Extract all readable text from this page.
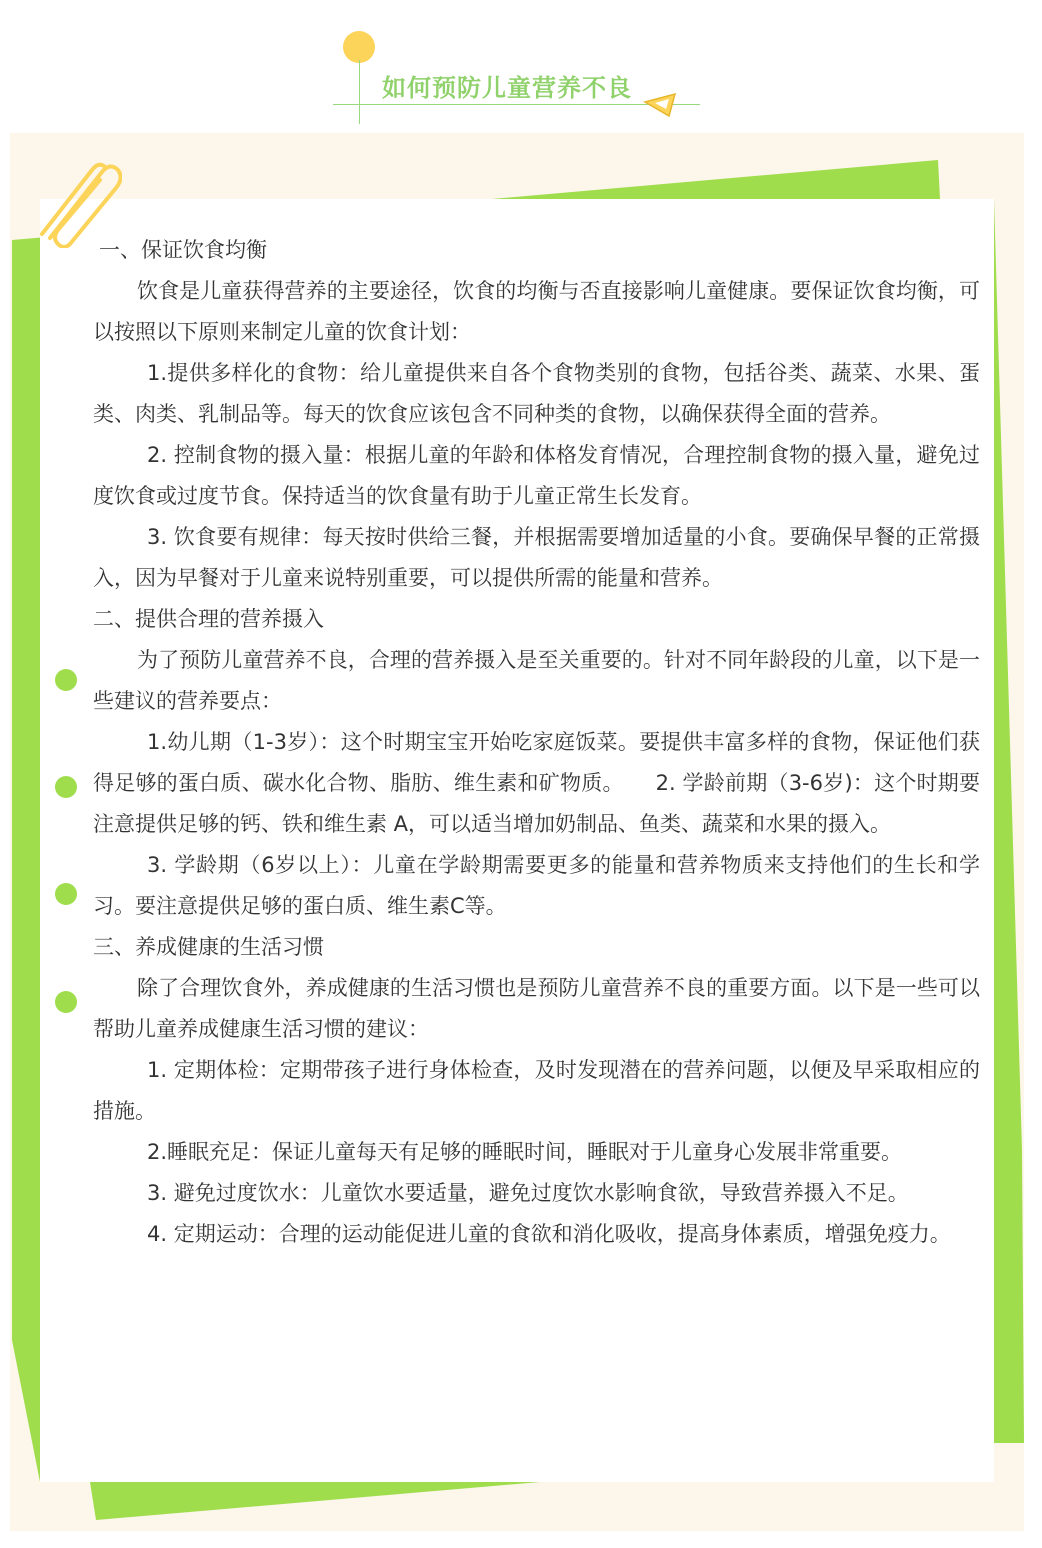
如何预防儿童营养不良

一、保证饮食均衡

饮食是儿童获得营养的主要途径，饮食的均衡与否直接影响儿童健康。要保证饮食均衡，可以按照以下原则来制定儿童的饮食计划：

1.提供多样化的食物：给儿童提供来自各个食物类别的食物，包括谷类、蔬菜、水果、蛋类、肉类、乳制品等。每天的饮食应该包含不同种类的食物，以确保获得全面的营养。

2. 控制食物的摄入量：根据儿童的年龄和体格发育情况，合理控制食物的摄入量，避免过度饮食或过度节食。保持适当的饮食量有助于儿童正常生长发育。

3. 饮食要有规律：每天按时供给三餐，并根据需要增加适量的小食。要确保早餐的正常摄入，因为早餐对于儿童来说特别重要，可以提供所需的能量和营养。

二、提供合理的营养摄入

为了预防儿童营养不良，合理的营养摄入是至关重要的。针对不同年龄段的儿童，以下是一些建议的营养要点：

1.幼儿期（1-3岁）：这个时期宝宝开始吃家庭饭菜。要提供丰富多样的食物，保证他们获得足够的蛋白质、碳水化合物、脂肪、维生素和矿物质。　　2. 学龄前期（3-6岁)：这个时期要注意提供足够的钙、铁和维生素 A，可以适当增加奶制品、鱼类、蔬菜和水果的摄入。

3. 学龄期（6岁以上）：儿童在学龄期需要更多的能量和营养物质来支持他们的生长和学习。要注意提供足够的蛋白质、维生素C等。

三、养成健康的生活习惯

除了合理饮食外，养成健康的生活习惯也是预防儿童营养不良的重要方面。以下是一些可以帮助儿童养成健康生活习惯的建议：

1. 定期体检：定期带孩子进行身体检查，及时发现潜在的营养问题，以便及早采取相应的措施。

2.睡眠充足：保证儿童每天有足够的睡眠时间，睡眠对于儿童身心发展非常重要。

3. 避免过度饮水：儿童饮水要适量，避免过度饮水影响食欲，导致营养摄入不足。

4. 定期运动：合理的运动能促进儿童的食欲和消化吸收，提高身体素质，增强免疫力。
